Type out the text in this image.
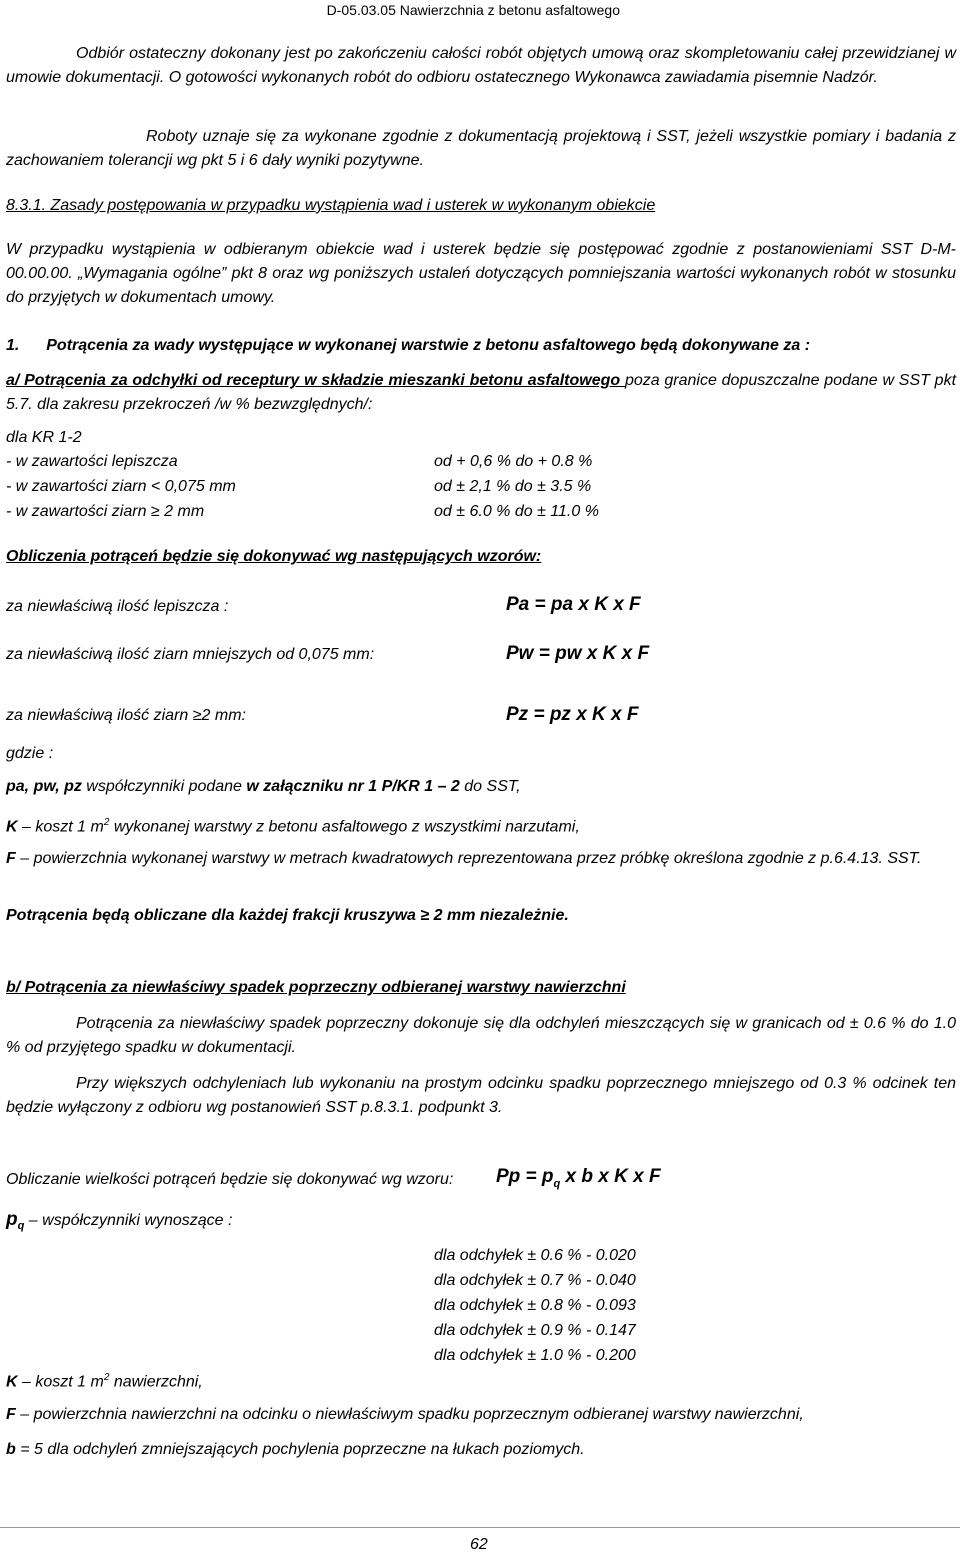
D-05.03.05 Nawierzchnia z betonu asfaltowego
Odbiór ostateczny dokonany jest po zakończeniu całości robót objętych umową oraz skompletowaniu całej przewidzianej w umowie dokumentacji. O gotowości wykonanych robót do odbioru ostatecznego Wykonawca zawiadamia pisemnie Nadzór.
Roboty uznaje się za wykonane zgodnie z dokumentacją projektową i SST, jeżeli wszystkie pomiary i badania z zachowaniem tolerancji wg pkt 5 i 6 dały wyniki pozytywne.
8.3.1. Zasady postępowania w przypadku wystąpienia wad i usterek w wykonanym obiekcie
W przypadku wystąpienia w odbieranym obiekcie wad i usterek będzie się postępować zgodnie z postanowieniami SST D-M-00.00.00. „Wymagania ogólne” pkt 8 oraz wg poniższych ustaleń dotyczących pomniejszania wartości wykonanych robót w stosunku do przyjętych w dokumentach umowy.
1. Potrącenia za wady występujące w wykonanej warstwie z betonu asfaltowego będą dokonywane za :
a/ Potrącenia za odchyłki od receptury w składzie mieszanki betonu asfaltowego poza granice dopuszczalne podane w SST pkt 5.7. dla zakresu przekroczeń /w % bezwzględnych/:
dla KR 1-2
- w zawartości lepiszcza	od + 0,6 % do + 0.8 %
- w zawartości ziarn < 0,075 mm	od ± 2,1 % do ± 3.5 %
- w zawartości ziarn ≥ 2 mm	od ± 6.0 % do ± 11.0 %
Obliczenia potrąceń będzie się dokonywać wg następujących wzorów:
za niewłaściwą ilość lepiszcza :	Pa = pa x K x F
za niewłaściwą ilość ziarn mniejszych od 0,075 mm:	Pw = pw x K x F
za niewłaściwą ilość ziarn ≥2 mm:	Pz = pz x K x F
gdzie :
pa, pw, pz współczynniki podane w załączniku nr 1 P/KR 1 – 2 do SST,
K – koszt 1 $m^2$ wykonanej warstwy z betonu asfaltowego z wszystkimi narzutami,
F – powierzchnia wykonanej warstwy w metrach kwadratowych reprezentowana przez próbkę określona zgodnie z p.6.4.13. SST.
Potrącenia będą obliczane dla każdej frakcji kruszywa ≥ 2 mm niezależnie.
b/ Potrącenia za niewłaściwy spadek poprzeczny odbieranej warstwy nawierzchni
Potrącenia za niewłaściwy spadek poprzeczny dokonuje się dla odchyleń mieszczących się w granicach od ± 0.6 % do 1.0 % od przyjętego spadku w dokumentacji.
Przy większych odchyleniach lub wykonaniu na prostym odcinku spadku poprzecznego mniejszego od 0.3 % odcinek ten będzie wyłączony z odbioru wg postanowień SST p.8.3.1. podpunkt 3.
Obliczanie wielkości potrąceń będzie się dokonywać wg wzoru: $Pp = p_q$ x b x K x F
$p_q$ – współczynniki wynoszące :
dla odchyłek ± 0.6 % - 0.020
dla odchyłek ± 0.7 % - 0.040
dla odchyłek ± 0.8 % - 0.093
dla odchyłek ± 0.9 % - 0.147
dla odchyłek ± 1.0 % - 0.200
K – koszt 1 $m^2$ nawierzchni,
F – powierzchnia nawierzchni na odcinku o niewłaściwym spadku poprzecznym odbieranej warstwy nawierzchni,
b = 5 dla odchyleń zmniejszających pochylenia poprzeczne na łukach poziomych.
62
